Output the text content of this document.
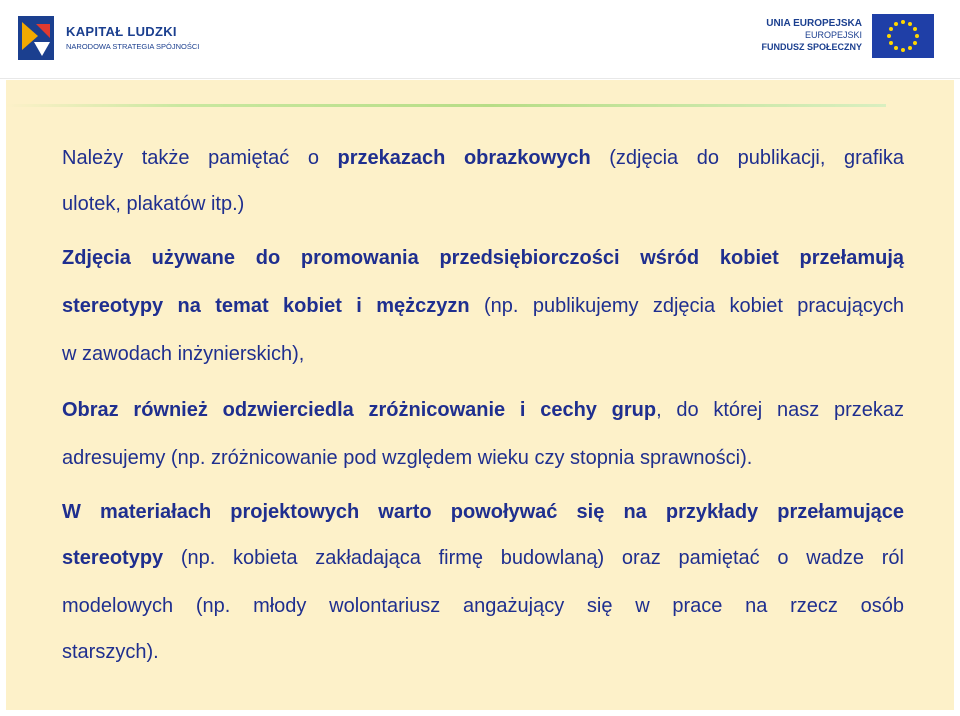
KAPITAŁ LUDZKI
NARODOWA STRATEGIA SPÓJNOŚCI
UNIA EUROPEJSKA
EUROPEJSKI
FUNDUSZ SPOŁECZNY
Należy także pamiętać o przekazach obrazkowych (zdjęcia do publikacji, grafika
ulotek, plakatów itp.)
Zdjęcia używane do promowania przedsiębiorczości wśród kobiet przełamują
stereotypy na temat kobiet i mężczyzn (np. publikujemy zdjęcia kobiet pracujących
w zawodach inżynierskich),
Obraz również odzwierciedla zróżnicowanie i cechy grup, do której nasz przekaz
adresujemy (np. zróżnicowanie pod względem wieku czy stopnia sprawności).
W materiałach projektowych warto powoływać się na przykłady przełamujące
stereotypy (np. kobieta zakładająca firmę budowlaną) oraz pamiętać o wadze ról
modelowych (np. młody wolontariusz angażujący się w prace na rzecz osób
starszych).
